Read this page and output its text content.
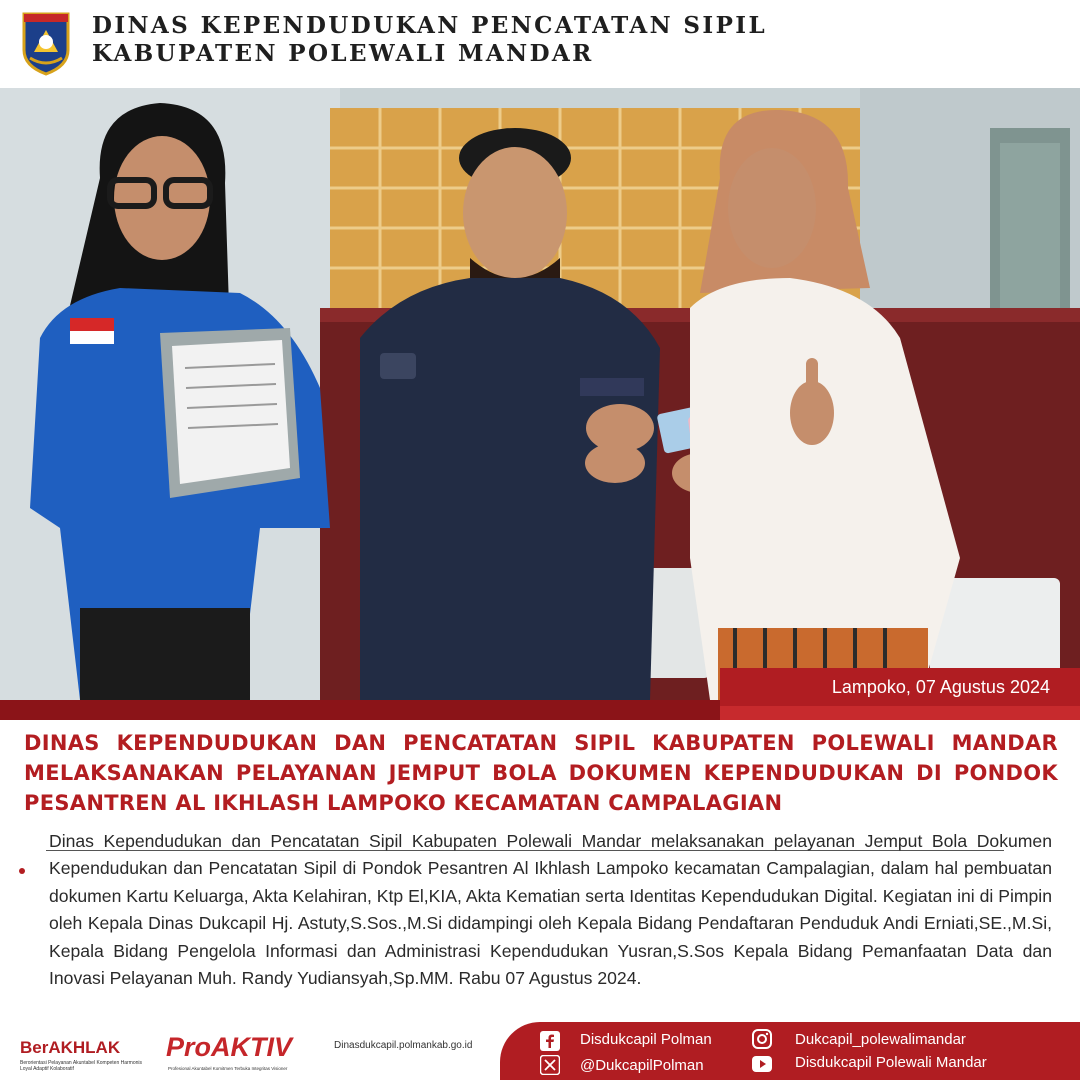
DINAS KEPENDUDUKAN PENCATATAN SIPIL
KABUPATEN POLEWALI MANDAR
Lampoko, 07 Agustus 2024
DINAS KEPENDUDUKAN DAN PENCATATAN SIPIL KABUPATEN POLEWALI MANDAR MELAKSANAKAN PELAYANAN JEMPUT BOLA DOKUMEN KEPENDUDUKAN DI PONDOK PESANTREN AL IKHLASH LAMPOKO KECAMATAN CAMPALAGIAN
Dinas Kependudukan dan Pencatatan Sipil Kabupaten Polewali Mandar melaksanakan pelayanan Jemput Bola Dokumen Kependudukan dan Pencatatan Sipil di Pondok Pesantren Al Ikhlash Lampoko kecamatan Campalagian, dalam hal pembuatan dokumen Kartu Keluarga, Akta Kelahiran, Ktp El,KIA, Akta Kematian serta Identitas Kependudukan Digital. Kegiatan ini di Pimpin oleh Kepala Dinas Dukcapil Hj. Astuty,S.Sos.,M.Si didampingi oleh Kepala Bidang Pendaftaran Penduduk Andi Erniati,SE.,M.Si, Kepala Bidang Pengelola Informasi dan Administrasi Kependudukan Yusran,S.Sos Kepala Bidang Pemanfaatan Data dan Inovasi Pelayanan Muh. Randy Yudiansyah,Sp.MM. Rabu 07 Agustus 2024.
BerAKHLAK
Berorientasi Pelayanan Akuntabel Kompeten Harmonis Loyal Adaptif Kolaboratif
ProAKTIV
Profesional Akuntabel Komitmen Terbuka Integritas Visioner
Dinasdukcapil.polmankab.go.id	Disdukcapil Polman
@DukcapilPolman
Dukcapil_polewalimandar
Disdukcapil Polewali Mandar
